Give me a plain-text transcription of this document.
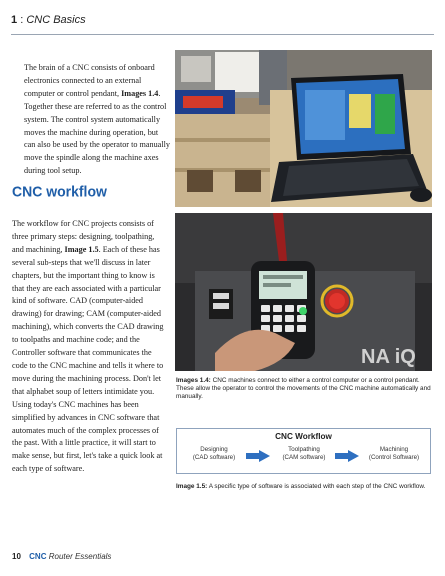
1 : CNC Basics
The brain of a CNC consists of onboard electronics connected to an external computer or control pendant, Images 1.4. Together these are referred to as the control system. The control system automatically moves the machine during operation, but can also be used by the operator to manually move the spindle along the machine axes during tool setup.
CNC workflow
The workflow for CNC projects consists of three primary steps: designing, toolpathing, and machining, Image 1.5. Each of these has several sub-steps that we'll discuss in later chapters, but the important thing to know is that they are each associated with a particular kind of software. CAD (computer-aided drawing) for drawing; CAM (computer-aided machining), which converts the CAD drawing to toolpaths and machine code; and the Controller software that communicates the code to the CNC machine and tells it where to move during the machining process. Don't let that alphabet soup of letters intimidate you. Using today's CNC machines has been simplified by advances in CNC software that automates much of the complex processes of the past. With a little practice, it will start to make sense, but first, let's take a quick look at each type of software.
NA iQ
Images 1.4: CNC machines connect to either a control computer or a control pendant. These allow the operator to control the movements of the CNC machine automatically and manually.
CNC Workflow
Designing
(CAD software)
Toolpathing
(CAM software)
Machining
(Control Software)
Image 1.5: A specific type of software is associated with each step of the CNC workflow.
10 CNC Router Essentials
